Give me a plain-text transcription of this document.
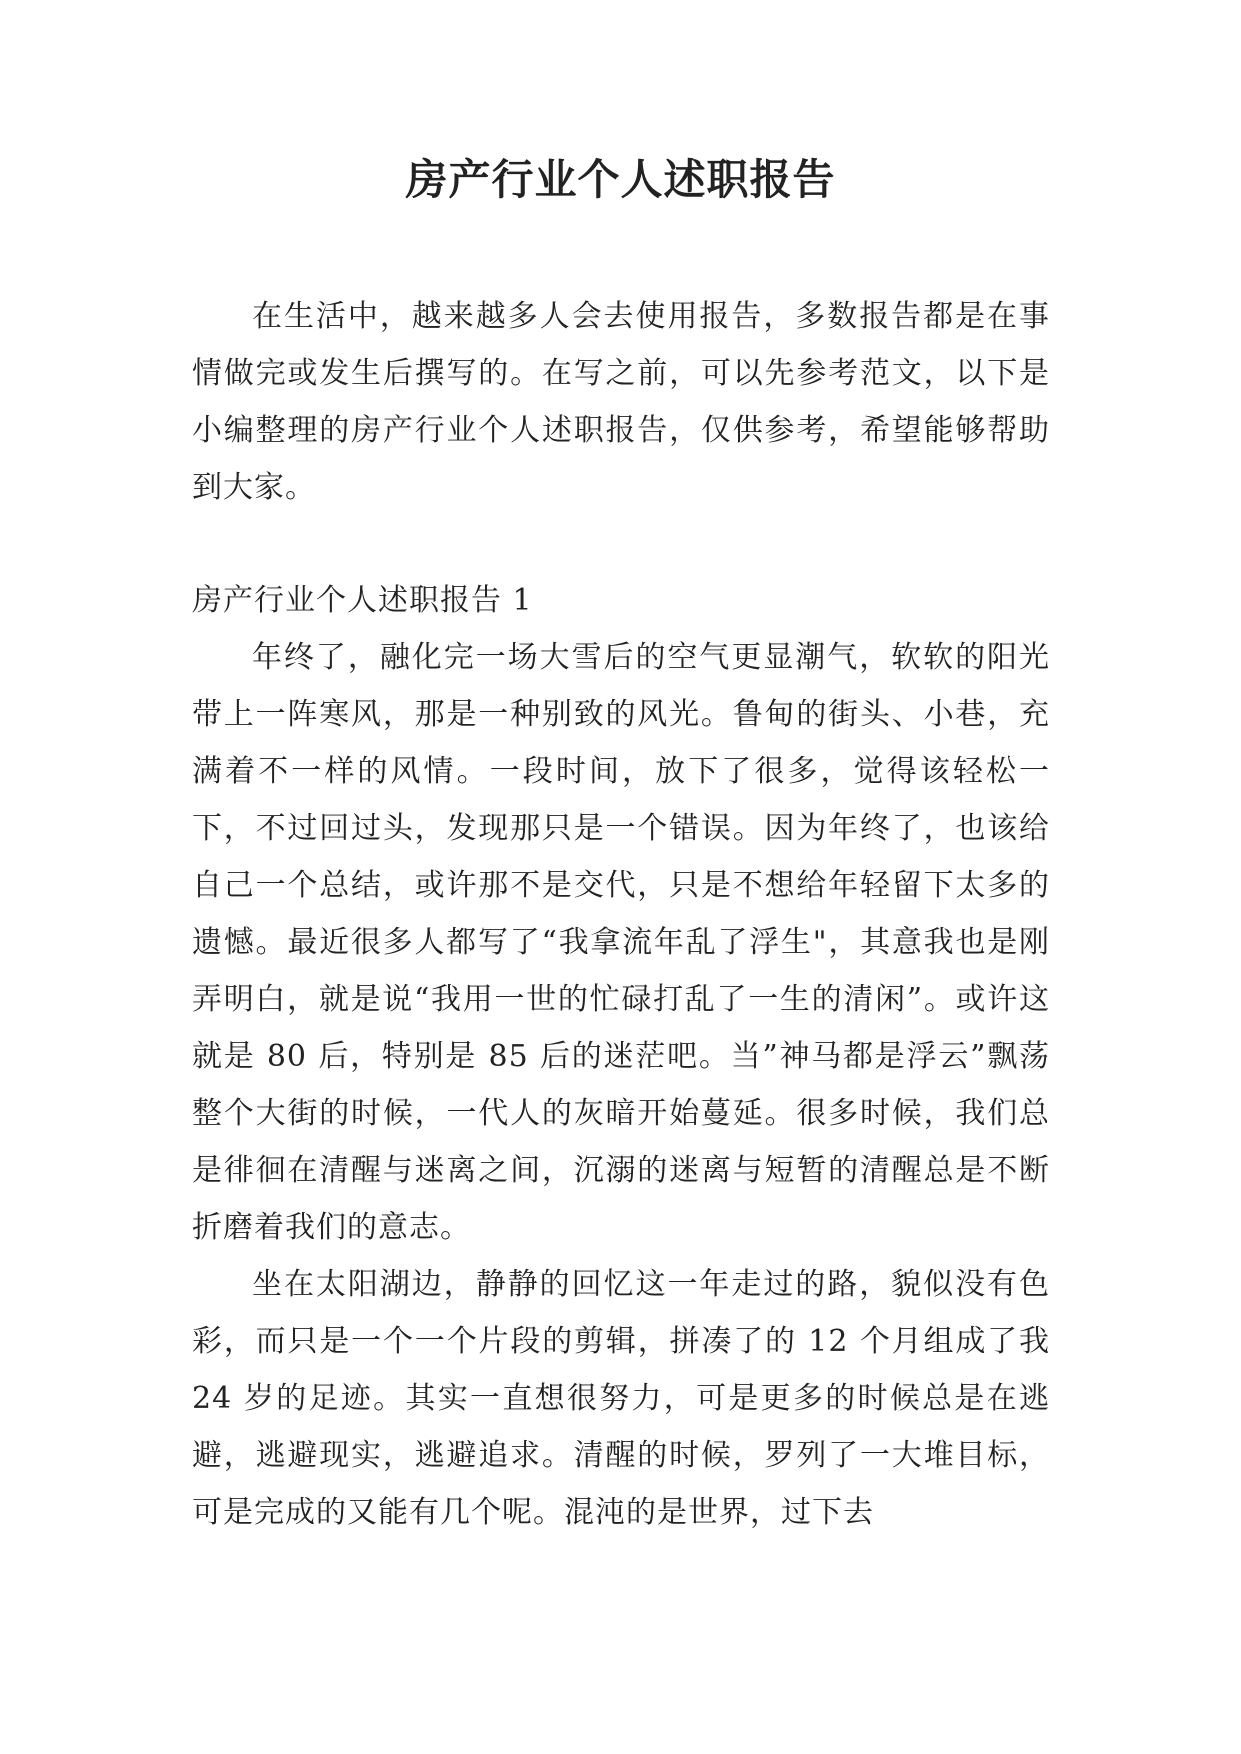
房产行业个人述职报告

在生活中，越来越多人会去使用报告，多数报告都是在事情做完或发生后撰写的。在写之前，可以先参考范文，以下是小编整理的房产行业个人述职报告，仅供参考，希望能够帮助到大家。

房产行业个人述职报告 1

年终了，融化完一场大雪后的空气更显潮气，软软的阳光带上一阵寒风，那是一种别致的风光。鲁甸的街头、小巷，充满着不一样的风情。一段时间，放下了很多，觉得该轻松一下，不过回过头，发现那只是一个错误。因为年终了，也该给自己一个总结，或许那不是交代，只是不想给年轻留下太多的遗憾。最近很多人都写了“我拿流年乱了浮生"，其意我也是刚弄明白，就是说“我用一世的忙碌打乱了一生的清闲”。或许这就是 80 后，特别是 85 后的迷茫吧。当”神马都是浮云”飘荡整个大街的时候，一代人的灰暗开始蔓延。很多时候，我们总是徘徊在清醒与迷离之间，沉溺的迷离与短暂的清醒总是不断折磨着我们的意志。

坐在太阳湖边，静静的回忆这一年走过的路，貌似没有色彩，而只是一个一个片段的剪辑，拼凑了的 12 个月组成了我 24 岁的足迹。其实一直想很努力，可是更多的时候总是在逃避，逃避现实，逃避追求。清醒的时候，罗列了一大堆目标，可是完成的又能有几个呢。混沌的是世界，过下去
